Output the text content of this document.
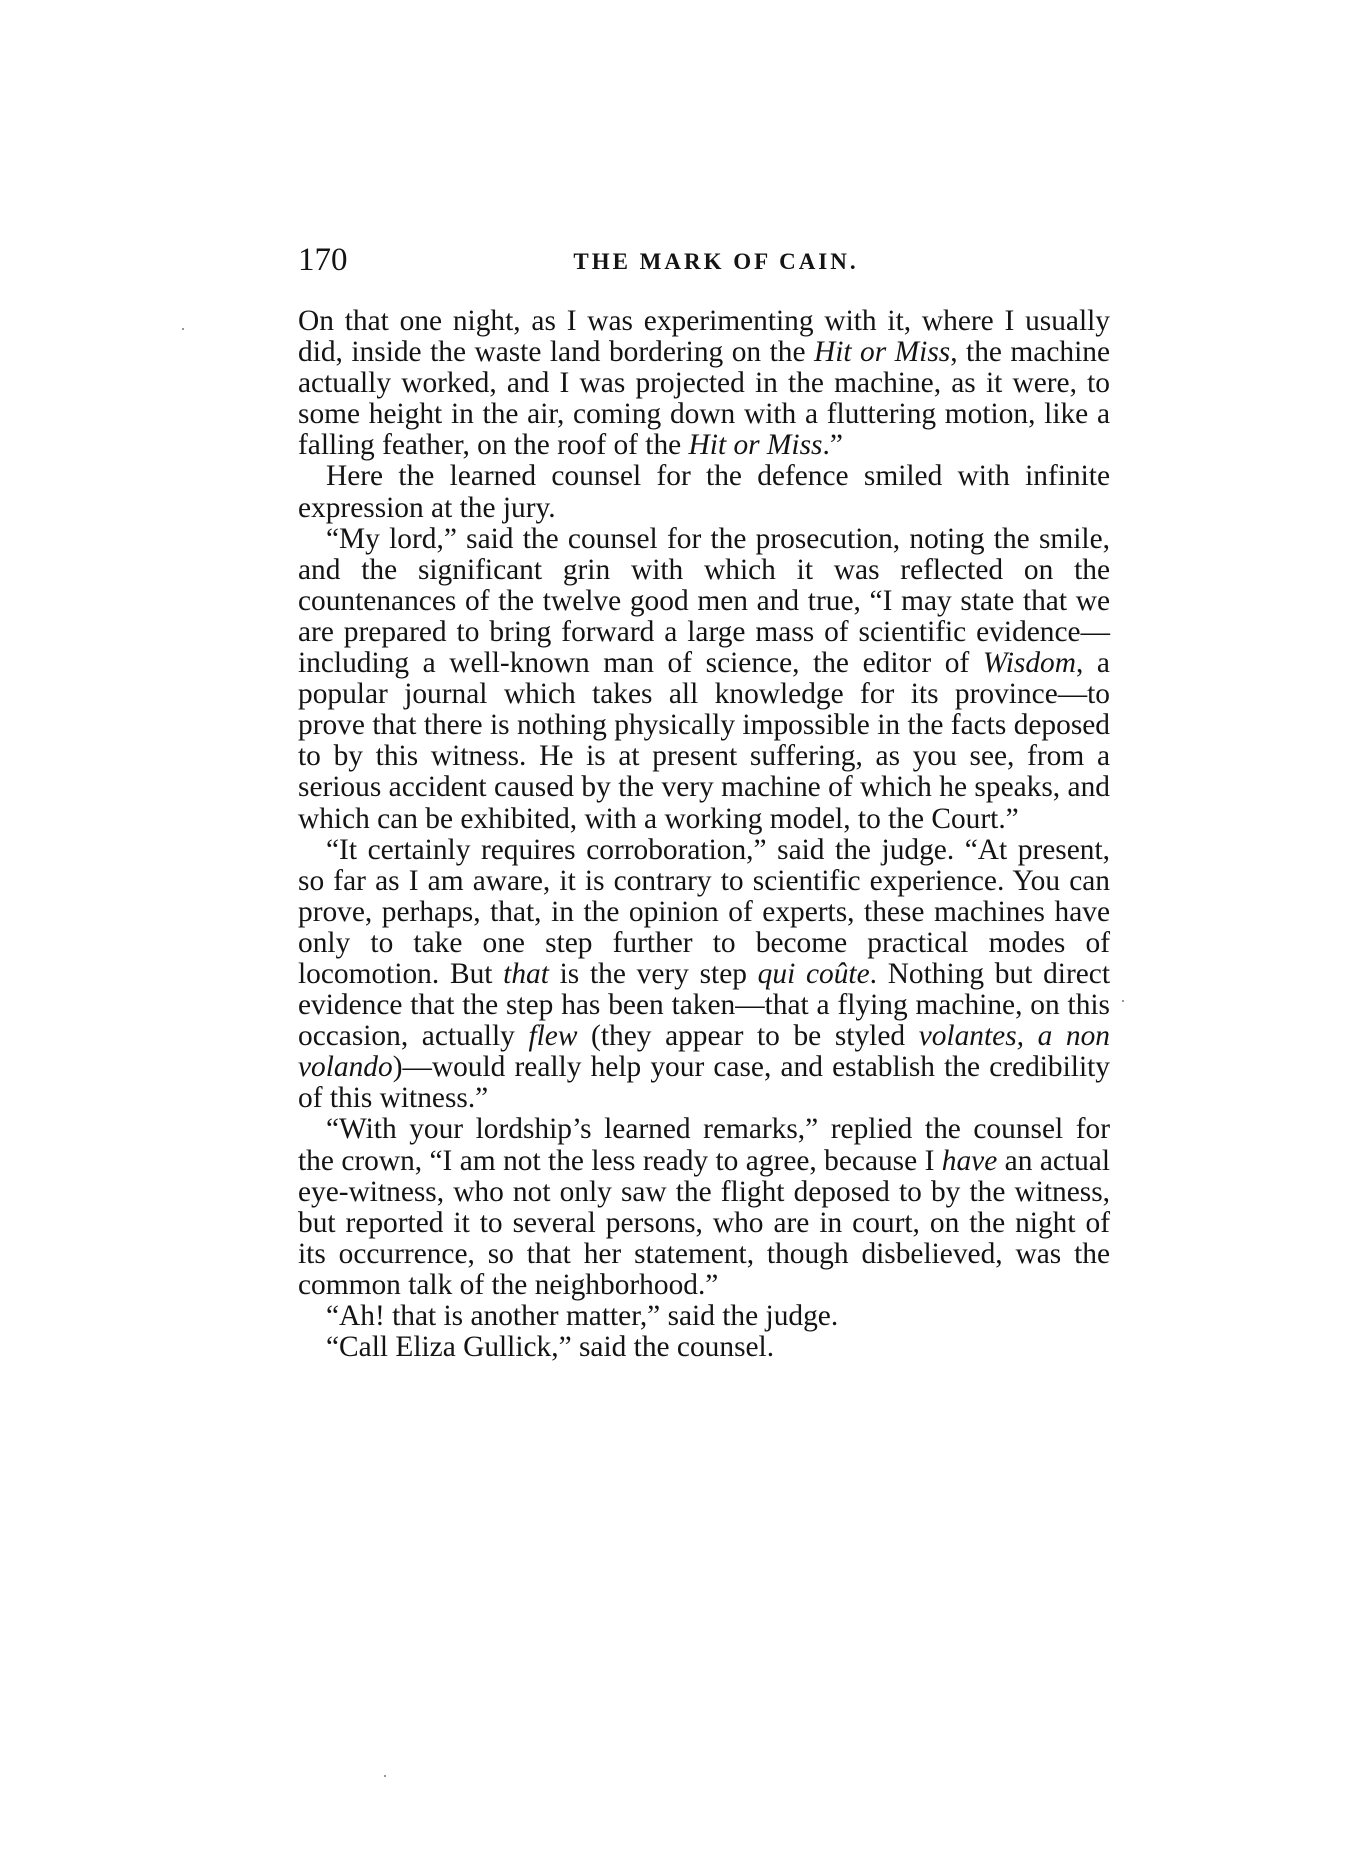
170	THE MARK OF CAIN.

On that one night, as I was experimenting with it, where I usually did, inside the waste land bordering on the Hit or Miss, the machine actually worked, and I was projected in the machine, as it were, to some height in the air, coming down with a fluttering motion, like a falling feather, on the roof of the Hit or Miss.”

Here the learned counsel for the defence smiled with infinite expression at the jury.

“My lord,” said the counsel for the prosecution, noting the smile, and the significant grin with which it was reflected on the countenances of the twelve good men and true, “I may state that we are prepared to bring forward a large mass of scientific evidence—including a well-known man of science, the editor of Wisdom, a popular journal which takes all knowledge for its province—to prove that there is nothing physically impossible in the facts deposed to by this witness. He is at present suffering, as you see, from a serious accident caused by the very machine of which he speaks, and which can be exhibited, with a working model, to the Court.”

“It certainly requires corroboration,” said the judge. “At present, so far as I am aware, it is contrary to scientific experience. You can prove, perhaps, that, in the opinion of experts, these machines have only to take one step further to become practical modes of locomotion. But that is the very step qui coûte. Nothing but direct evidence that the step has been taken—that a flying machine, on this occasion, actually flew (they appear to be styled volantes, a non volando)—would really help your case, and establish the credibility of this witness.”

“With your lordship’s learned remarks,” replied the counsel for the crown, “I am not the less ready to agree, because I have an actual eye-witness, who not only saw the flight deposed to by the witness, but reported it to several persons, who are in court, on the night of its occurrence, so that her statement, though disbelieved, was the common talk of the neighborhood.”

“Ah! that is another matter,” said the judge.

“Call Eliza Gullick,” said the counsel.
